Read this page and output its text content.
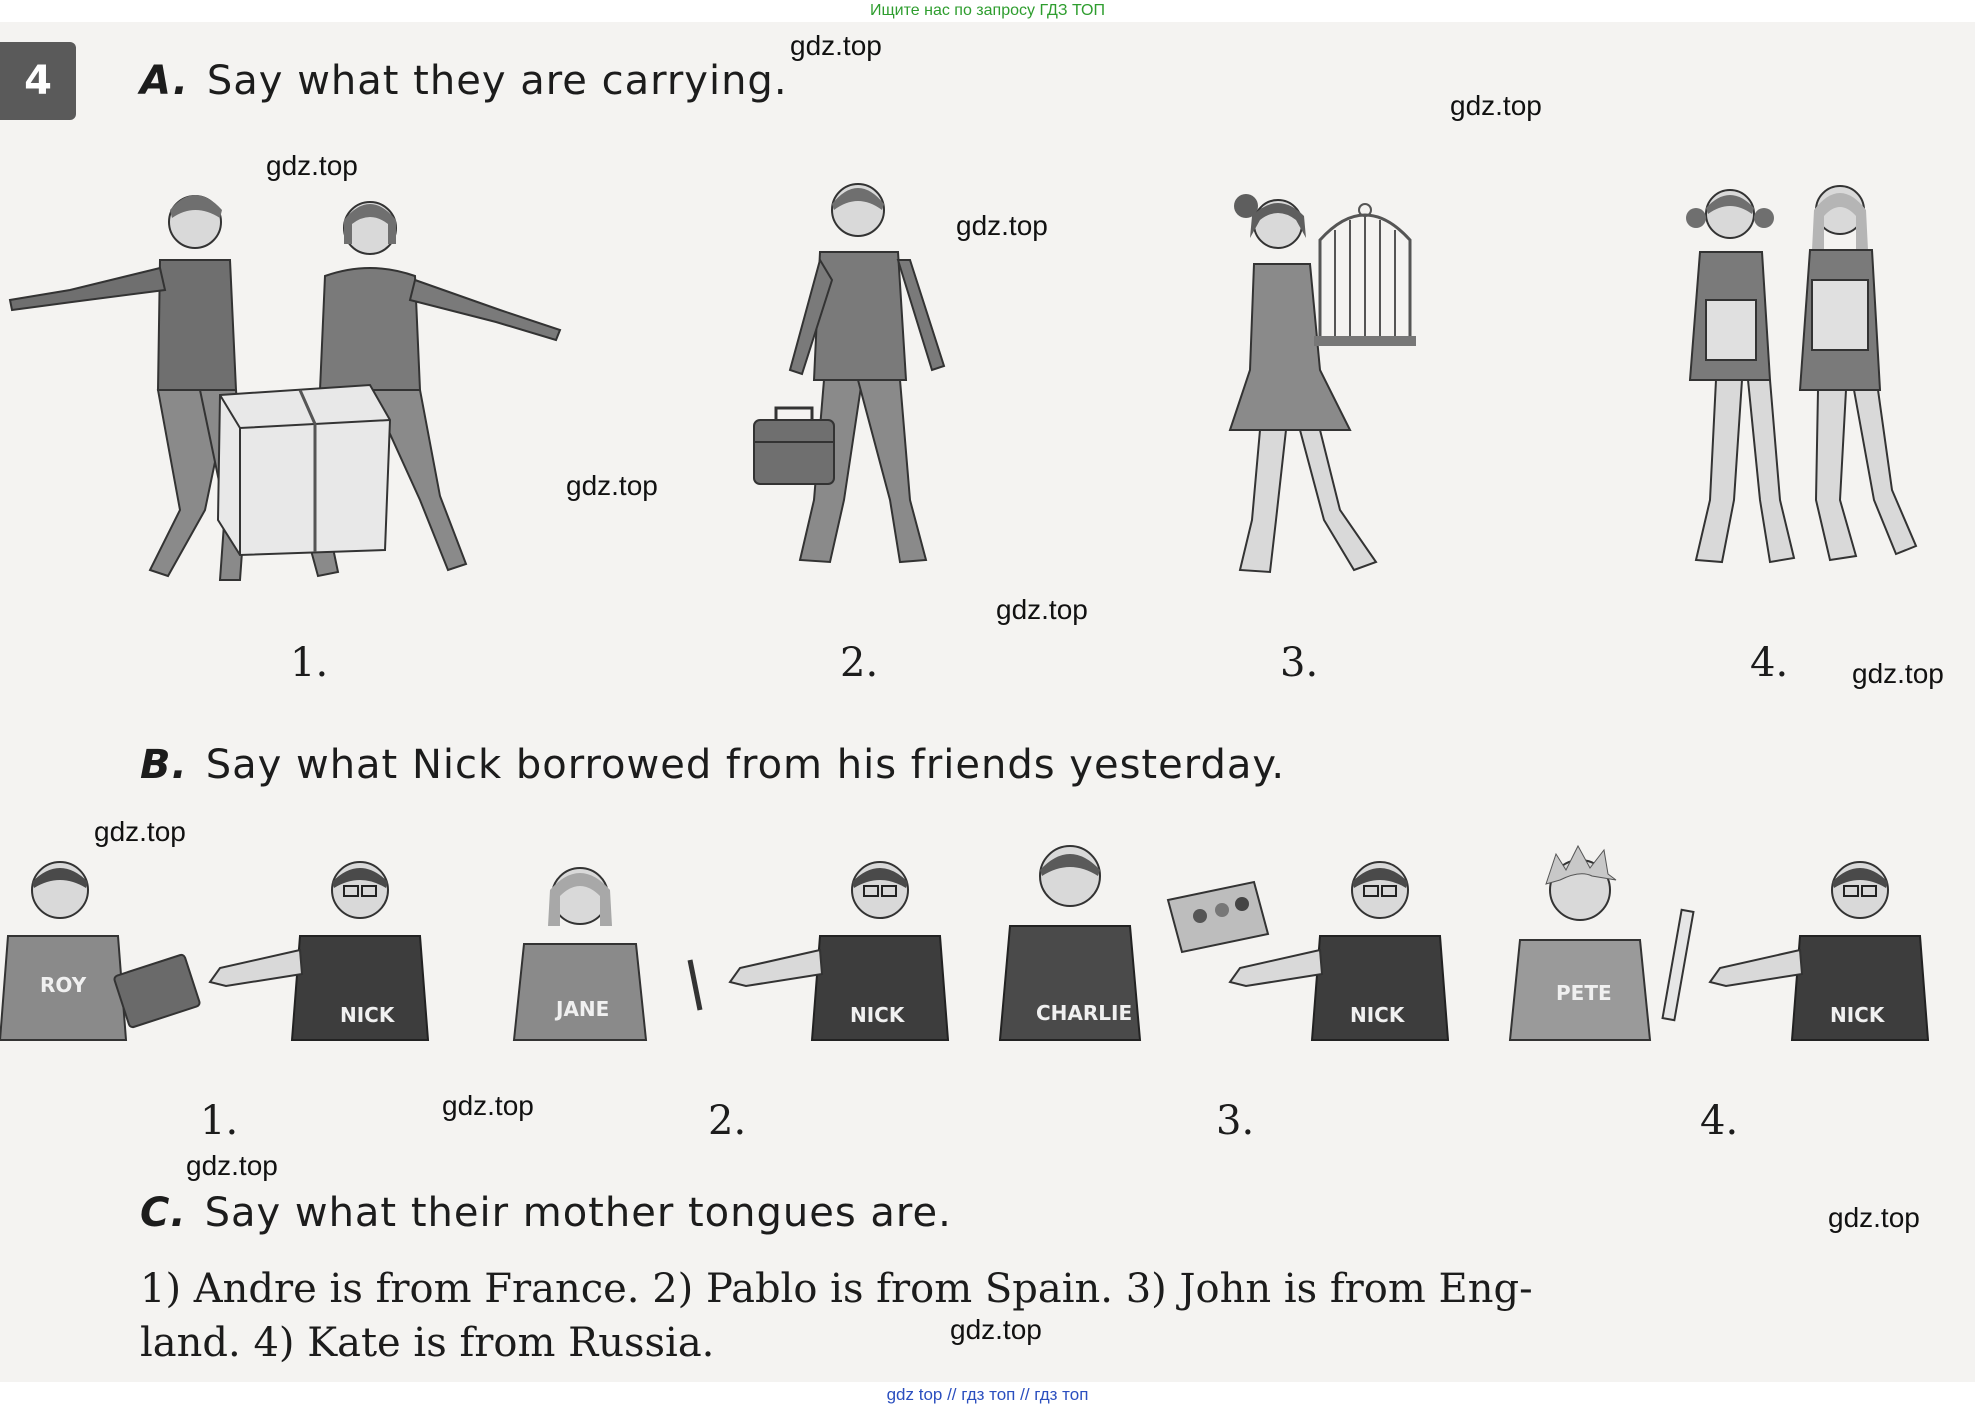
Ищите нас по запросу ГДЗ ТОП
4	A. Say what they are carrying.
1.	2.	3.	4.
B. Say what Nick borrowed from his friends yesterday.
ROY
NICK	JANE	NICK	CHARLIE	NICK
PETE
NICK
1.	2.	3.	4.
C. Say what their mother tongues are.
1) Andre is from France. 2) Pablo is from Spain. 3) John is from Eng-
land. 4) Kate is from Russia.
gdz.top
gdz.top
gdz.top
gdz.top
gdz.top
gdz.top
gdz.top
gdz.top
gdz.top
gdz.top
gdz.top
gdz.top
gdz top // гдз топ // гдз топ
